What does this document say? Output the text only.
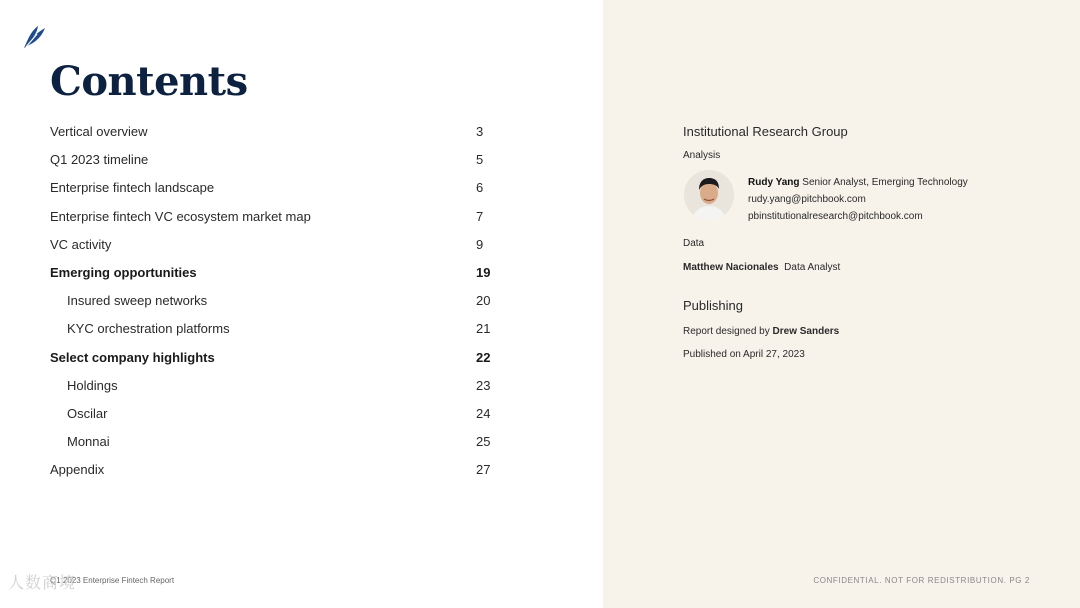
Contents
Vertical overview	3
Q1 2023 timeline	5
Enterprise fintech landscape	6
Enterprise fintech VC ecosystem market map	7
VC activity	9
Emerging opportunities	19
Insured sweep networks	20
KYC orchestration platforms	21
Select company highlights	22
Holdings	23
Oscilar	24
Monnai	25
Appendix	27
Institutional Research Group
Analysis
Rudy Yang Senior Analyst, Emerging Technology
rudy.yang@pitchbook.com
pbinstitutionalresearch@pitchbook.com
Data
Matthew Nacionales Data Analyst
Publishing
Report designed by Drew Sanders
Published on April 27, 2023
Q1 2023 Enterprise Fintech Report
人数商境	CONFIDENTIAL. NOT FOR REDISTRIBUTION. PG 2
